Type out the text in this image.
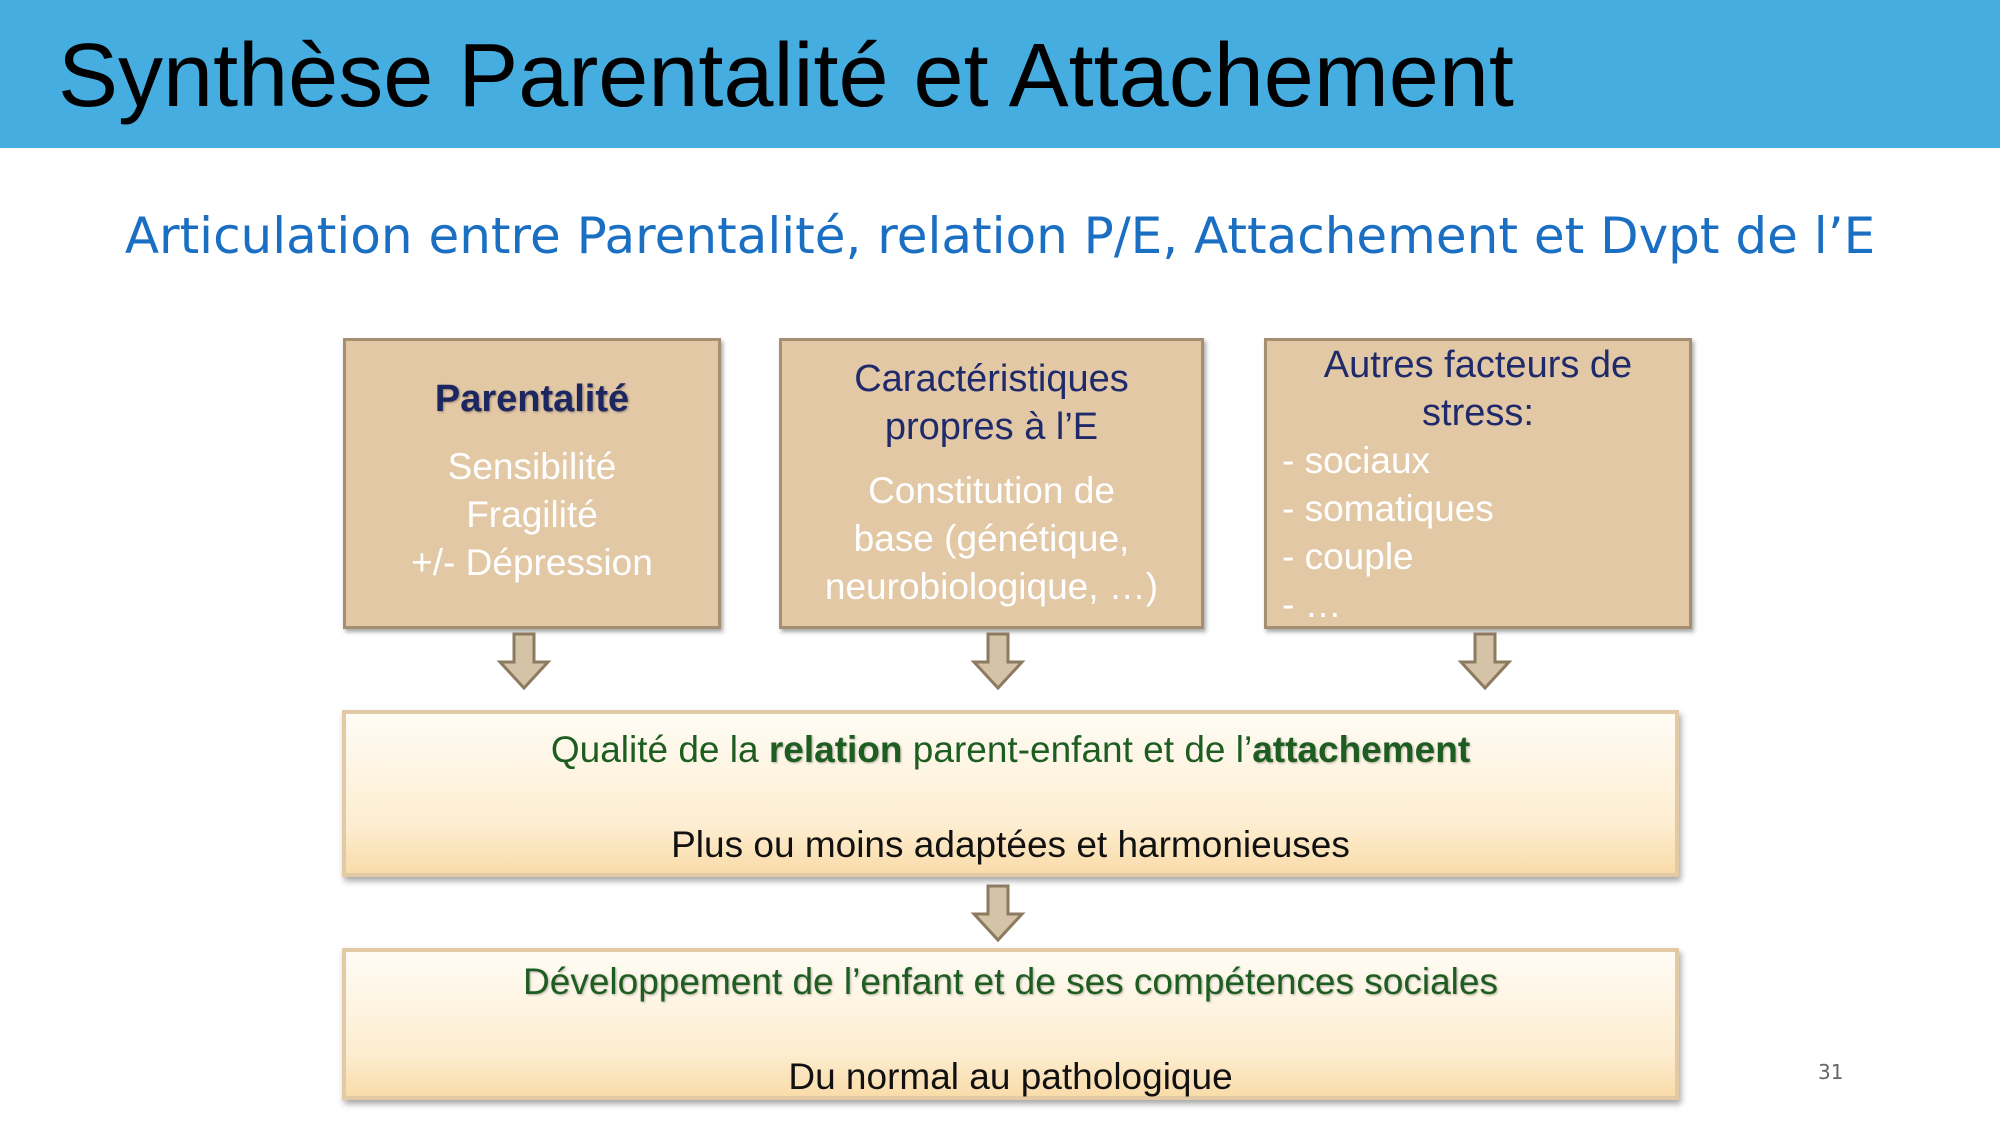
Synthèse Parentalité et Attachement
Articulation entre Parentalité, relation P/E, Attachement et Dvpt de l’E
Parentalité
Sensibilité
Fragilité
+/- Dépression
Caractéristiques
propres à l’E
Constitution de
base (génétique,
neurobiologique, …)
Autres facteurs de
stress:
- sociaux
- somatiques
- couple
- …
Qualité de la relation parent-enfant et de l’attachement
Plus ou moins adaptées et harmonieuses
Développement de l’enfant et de ses compétences sociales
Du normal au pathologique	31
